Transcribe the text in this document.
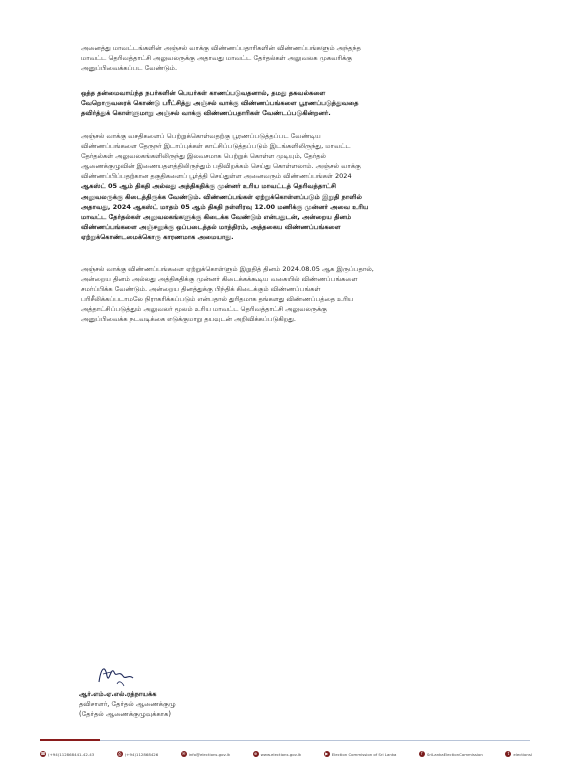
அனைத்து மாவட்டங்களின் அஞ்சல் வாக்கு விண்ணப்பதாரிகளின் விண்ணப்பங்களும் அந்தந்த
மாவட்ட தெரிவத்தாட்சி அலுவலருக்கு அதாவது மாவட்ட தேர்தல்கள் அலுவலக முகவரிக்கு
அனுப்பிவைக்கப்பட வேண்டும்.
ஒத்த தன்மைவாய்ந்த நபர்களின் பெயர்கள் காணப்படுவதனால், தமது தகவல்களை
வேறொருவரைக் கொண்டு பரீட்சித்து அஞ்சல் வாக்கு விண்ணப்பங்களை பூரணப்படுத்துவதை
தவிர்த்துக் கொள்ளுமாறு அஞ்சல் வாக்கு விண்ணப்பதாரிகள் வேண்டப்படுகின்றனர்.
அஞ்சல் வாக்கு வசதிகளைப் பெற்றுக்கொள்வதற்கு பூரணப்படுத்தப்பட வேண்டிய
விண்ணப்பங்களை தேருநர் இடாப்புக்கள் காட்சிப்படுத்தப்படும் இடங்களிலிருந்து, மாவட்ட
தேர்தல்கள் அலுவலகங்களிலிருந்து இலவசமாக பெற்றுக் கொள்ள முடியும், தேர்தல்
ஆணைக்குழுவின் இணையதளத்திலிருந்தும் பதிவிறக்கம் செய்து கொள்ளலாம். அஞ்சல் வாக்கு
விண்ணப்பிப்பதற்கான தகுதிகளைப் பூர்த்தி செய்துள்ள அனைவரும் விண்ணப்பங்கள் 2024
ஆகஸ்ட் 05 ஆம் திகதி அல்லது அத்திகதிக்கு முன்னர் உரிய மாவட்டத் தெரிவத்தாட்சி
அலுவலருக்கு கிடைத்திருக்க வேண்டும். விண்ணப்பங்கள் ஏற்றுக்கொள்ளப்படும் இறுதி நாளில்
அதாவது, 2024 ஆகஸ்ட் மாதம் 05 ஆம் திகதி நள்ளிரவு 12.00 மணிக்கு முன்னர் அவை உரிய
மாவட்ட தேர்தல்கள் அலுவலகங்களுக்கு கிடைக்க வேண்டும் என்பதுடன், அன்றைய தினம்
விண்ணப்பங்களை அஞ்சலுக்கு ஒப்படைத்தல் மாத்திரம், அத்தகைய விண்ணப்பங்களை
ஏற்றுக்கொண்டமைக்கொரு காரணமாக அமையாது.
அஞ்சல் வாக்கு விண்ணப்பங்களை ஏற்றுக்கொள்ளும் இறுதித் தினம் 2024.08.05 ஆக இருப்பதால்,
அன்றைய தினம் அல்லது அத்திகதிக்கு முன்னர் கிடைக்கக்கூடிய வகையில் விண்ணப்பங்களை
சமர்ப்பிக்க வேண்டும். அன்றைய தினத்துக்கு பிந்திக் கிடைக்கும் விண்ணப்பங்கள்
பரிசீலிக்கப்படாமலே நிராகரிக்கப்படும் என்பதால் துரிதமாக தங்களது விண்ணப்பத்தை உரிய
அத்தாட்சிப்படுத்தும் அலுவலர் மூலம் உரிய மாவட்ட தெரிவத்தாட்சி அலுவலருக்கு
அனுப்பிவைக்க நடவடிக்கை எடுக்குமாறு தயவுடன் அறிவிக்கப்படுகிறது.
ஆர்.எம்.ஏ.எல்.ரத்நாயக்க
தவிசாளர், தேர்தல் ஆணைக்குழு
(தேர்தல் ஆணைக்குழுவுக்காக)
☎ (+94)112868441-42-43	⎙ (+94)112868426	✉ info@elections.gov.lk	⊕ www.elections.gov.lk	▶ Election Commission of Sri Lanka	f	SriLankaElectionCommission	t	electionsl
